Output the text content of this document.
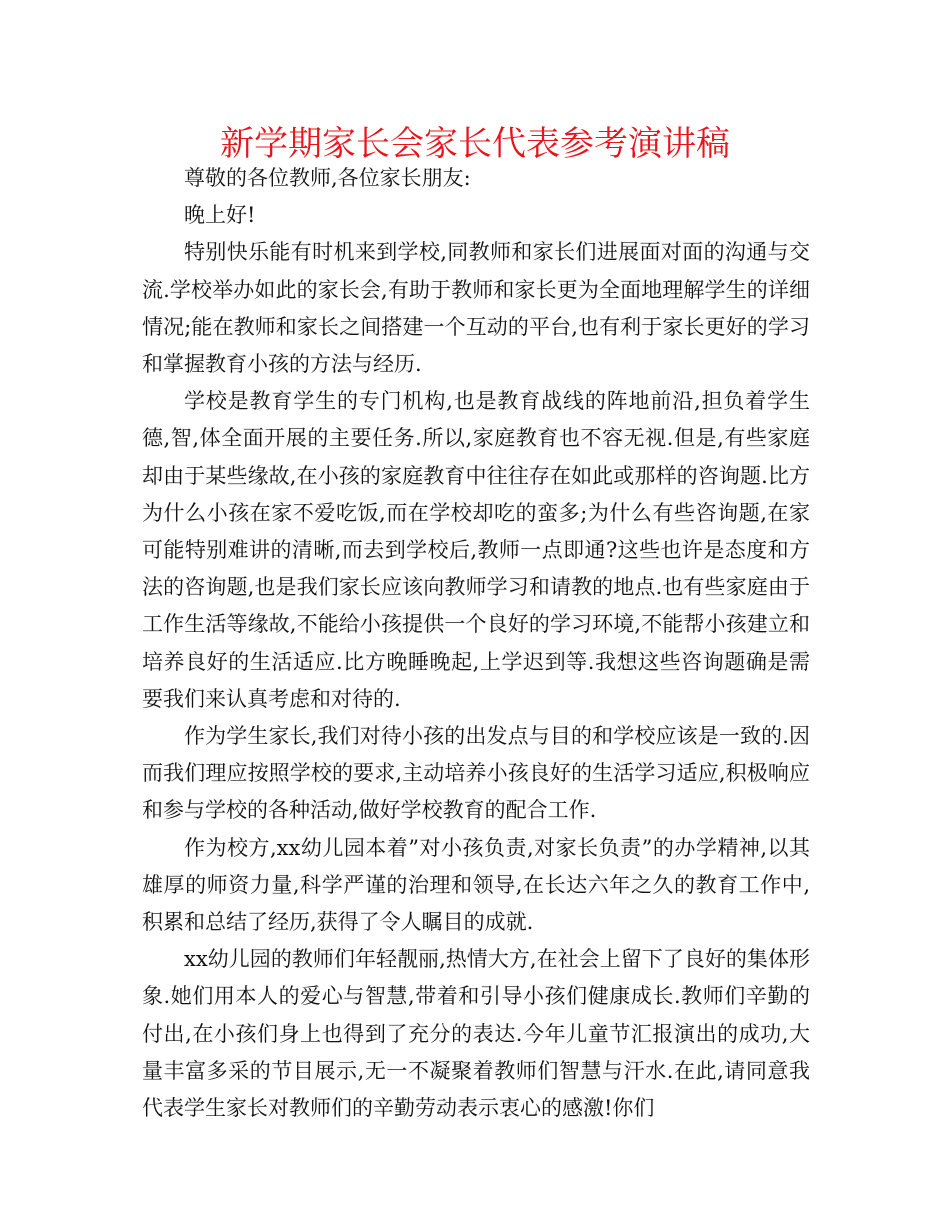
新学期家长会家长代表参考演讲稿

尊敬的各位教师,各位家长朋友:

晚上好!

特别快乐能有时机来到学校,同教师和家长们进展面对面的沟通与交流.学校举办如此的家长会,有助于教师和家长更为全面地理解学生的详细情况;能在教师和家长之间搭建一个互动的平台,也有利于家长更好的学习和掌握教育小孩的方法与经历.

学校是教育学生的专门机构,也是教育战线的阵地前沿,担负着学生德,智,体全面开展的主要任务.所以,家庭教育也不容无视.但是,有些家庭却由于某些缘故,在小孩的家庭教育中往往存在如此或那样的咨询题.比方为什么小孩在家不爱吃饭,而在学校却吃的蛮多;为什么有些咨询题,在家可能特别难讲的清晰,而去到学校后,教师一点即通?这些也许是态度和方法的咨询题,也是我们家长应该向教师学习和请教的地点.也有些家庭由于工作生活等缘故,不能给小孩提供一个良好的学习环境,不能帮小孩建立和培养良好的生活适应.比方晚睡晚起,上学迟到等.我想这些咨询题确是需要我们来认真考虑和对待的.

作为学生家长,我们对待小孩的出发点与目的和学校应该是一致的.因而我们理应按照学校的要求,主动培养小孩良好的生活学习适应,积极响应和参与学校的各种活动,做好学校教育的配合工作.

作为校方,xx幼儿园本着”对小孩负责,对家长负责”的办学精神,以其雄厚的师资力量,科学严谨的治理和领导,在长达六年之久的教育工作中,积累和总结了经历,获得了令人瞩目的成就.

xx幼儿园的教师们年轻靓丽,热情大方,在社会上留下了良好的集体形象.她们用本人的爱心与智慧,带着和引导小孩们健康成长.教师们辛勤的付出,在小孩们身上也得到了充分的表达.今年儿童节汇报演出的成功,大量丰富多采的节目展示,无一不凝聚着教师们智慧与汗水.在此,请同意我代表学生家长对教师们的辛勤劳动表示衷心的感激!你们
